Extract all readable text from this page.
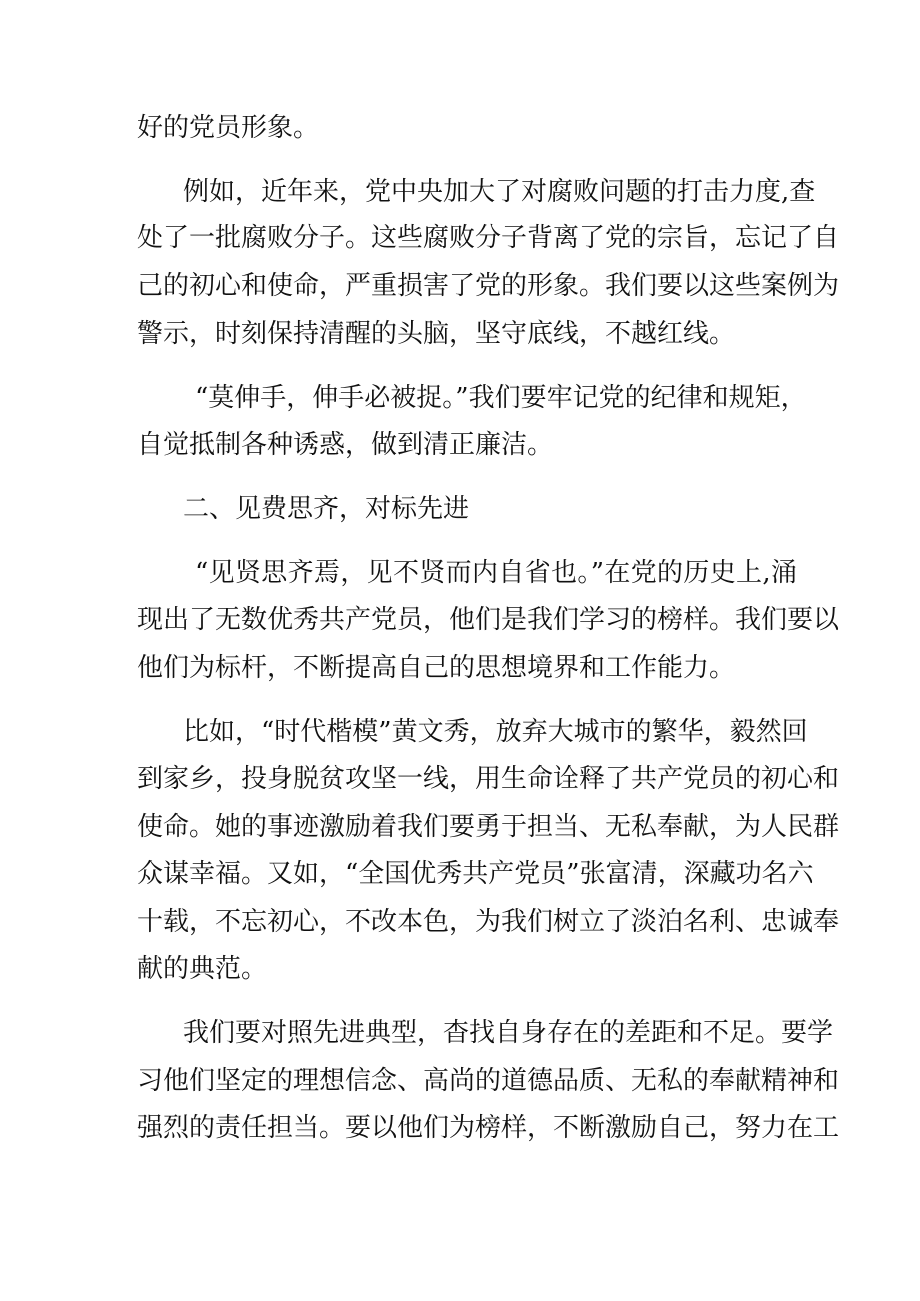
好的党员形象。
例如，近年来，党中央加大了对腐败问题的打击力度,查
处了一批腐败分子。这些腐败分子背离了党的宗旨，忘记了自
己的初心和使命，严重损害了党的形象。我们要以这些案例为
警示，时刻保持清醒的头脑，坚守底线，不越红线。
“莫伸手，伸手必被捉。”我们要牢记党的纪律和规矩，
自觉抵制各种诱惑，做到清正廉洁。
二、见费思齐，对标先进
“见贤思齐焉，见不贤而内自省也。”在党的历史上,涌
现出了无数优秀共产党员，他们是我们学习的榜样。我们要以
他们为标杆，不断提高自己的思想境界和工作能力。
比如，“时代楷模”黄文秀，放弃大城市的繁华，毅然回
到家乡，投身脱贫攻坚一线，用生命诠释了共产党员的初心和
使命。她的事迹激励着我们要勇于担当、无私奉献，为人民群
众谋幸福。又如，“全国优秀共产党员”张富清，深藏功名六
十载，不忘初心，不改本色，为我们树立了淡泊名利、忠诚奉
献的典范。
我们要对照先进典型，杳找自身存在的差距和不足。要学
习他们坚定的理想信念、高尚的道德品质、无私的奉献精神和
强烈的责任担当。要以他们为榜样，不断激励自己，努力在工
